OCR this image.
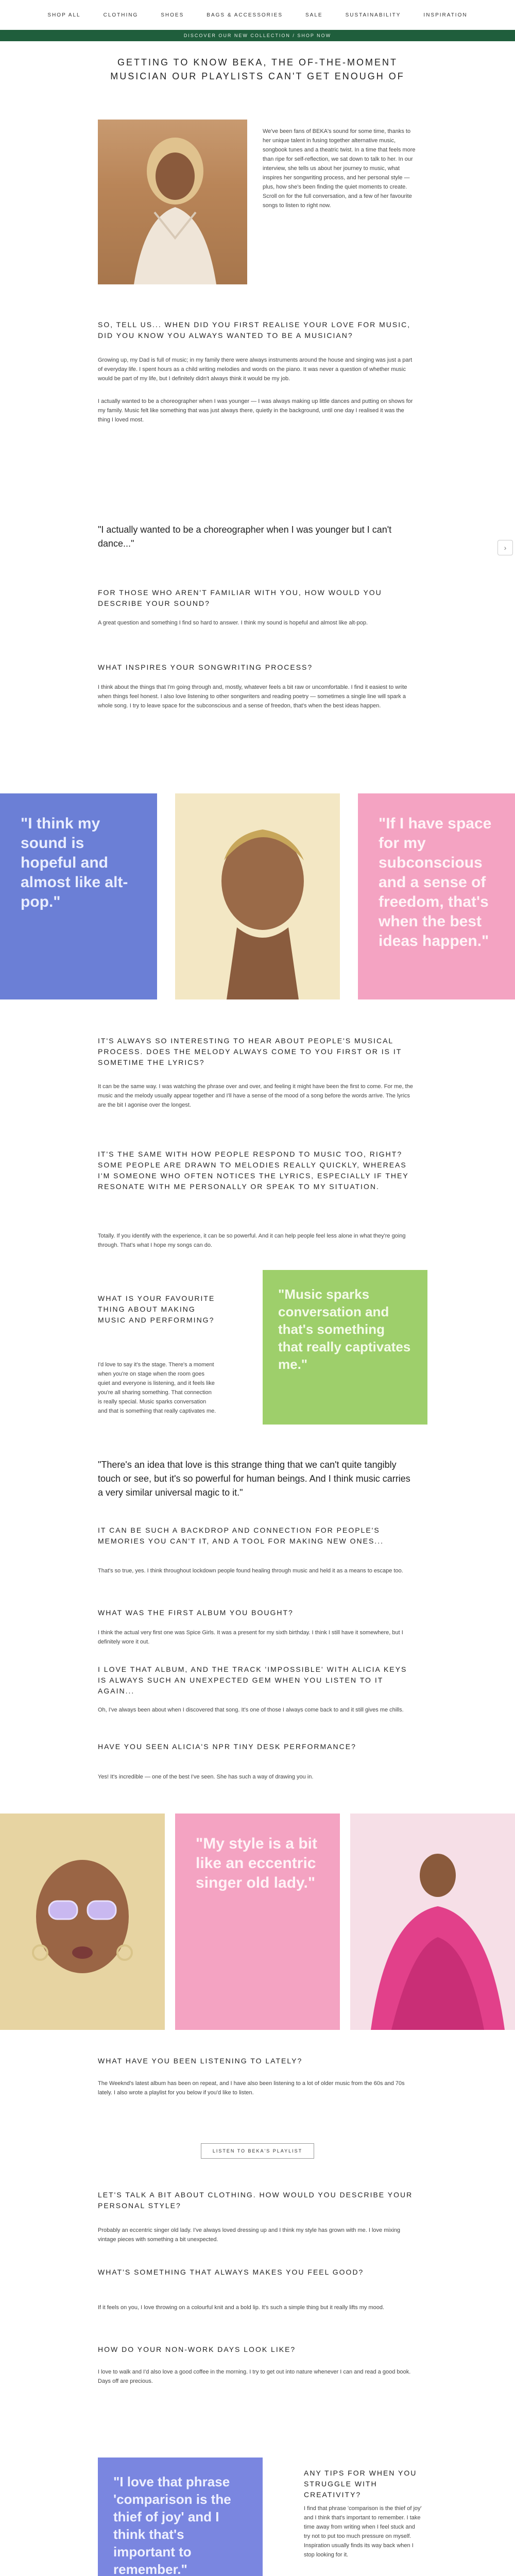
SHOP ALL	CLOTHING	SHOES	BAGS & ACCESSORIES	SALE	SUSTAINABILITY	INSPIRATION
DISCOVER OUR NEW COLLECTION / SHOP NOW
GETTING TO KNOW BEKA, THE OF-THE-MOMENT MUSICIAN OUR PLAYLISTS CAN'T GET ENOUGH OF
We've been fans of BEKA's sound for some time, thanks to her unique talent in fusing together alternative music, songbook tunes and a theatric twist. In a time that feels more than ripe for self-reflection, we sat down to talk to her. In our interview, she tells us about her journey to music, what inspires her songwriting process, and her personal style — plus, how she's been finding the quiet moments to create. Scroll on for the full conversation, and a few of her favourite songs to listen to right now.
SO, TELL US... WHEN DID YOU FIRST REALISE YOUR LOVE FOR MUSIC, DID YOU KNOW YOU ALWAYS WANTED TO BE A MUSICIAN?
Growing up, my Dad is full of music; in my family there were always instruments around the house and singing was just a part of everyday life. I spent hours as a child writing melodies and words on the piano. It was never a question of whether music would be part of my life, but I definitely didn't always think it would be my job.
I actually wanted to be a choreographer when I was younger — I was always making up little dances and putting on shows for my family. Music felt like something that was just always there, quietly in the background, until one day I realised it was the thing I loved most.
"I actually wanted to be a choreographer when I was younger but I can't dance..."	›
FOR THOSE WHO AREN'T FAMILIAR WITH YOU, HOW WOULD YOU DESCRIBE YOUR SOUND?
A great question and something I find so hard to answer. I think my sound is hopeful and almost like alt-pop.
WHAT INSPIRES YOUR SONGWRITING PROCESS?
I think about the things that I'm going through and, mostly, whatever feels a bit raw or uncomfortable. I find it easiest to write when things feel honest. I also love listening to other songwriters and reading poetry — sometimes a single line will spark a whole song. I try to leave space for the subconscious and a sense of freedon, that's when the best ideas happen.
"I think my sound is hopeful and almost like alt-pop."
"If I have space for my subconscious and a sense of freedom, that's when the best ideas happen."
IT'S ALWAYS SO INTERESTING TO HEAR ABOUT PEOPLE'S MUSICAL PROCESS. DOES THE MELODY ALWAYS COME TO YOU FIRST OR IS IT SOMETIME THE LYRICS?
It can be the same way. I was watching the phrase over and over, and feeling it might have been the first to come. For me, the music and the melody usually appear together and I'll have a sense of the mood of a song before the words arrive. The lyrics are the bit I agonise over the longest.
IT'S THE SAME WITH HOW PEOPLE RESPOND TO MUSIC TOO, RIGHT? SOME PEOPLE ARE DRAWN TO MELODIES REALLY QUICKLY, WHEREAS I'M SOMEONE WHO OFTEN NOTICES THE LYRICS, ESPECIALLY IF THEY RESONATE WITH ME PERSONALLY OR SPEAK TO MY SITUATION.
Totally. If you identify with the experience, it can be so powerful. And it can help people feel less alone in what they're going through. That's what I hope my songs can do.
WHAT IS YOUR FAVOURITE THING ABOUT MAKING MUSIC AND PERFORMING?
I'd love to say it's the stage. There's a moment when you're on stage when the room goes quiet and everyone is listening, and it feels like you're all sharing something. That connection is really special. Music sparks conversation and that is something that really captivates me.
"Music sparks conversation and that's something that really captivates me."
"There's an idea that love is this strange thing that we can't quite tangibly touch or see, but it's so powerful for human beings. And I think music carries a very similar universal magic to it."
IT CAN BE SUCH A BACKDROP AND CONNECTION FOR PEOPLE'S MEMORIES YOU CAN'T IT, AND A TOOL FOR MAKING NEW ONES...
That's so true, yes. I think throughout lockdown people found healing through music and held it as a means to escape too.
WHAT WAS THE FIRST ALBUM YOU BOUGHT?
I think the actual very first one was Spice Girls. It was a present for my sixth birthday. I think I still have it somewhere, but I definitely wore it out.
I LOVE THAT ALBUM, AND THE TRACK 'IMPOSSIBLE' WITH ALICIA KEYS IS ALWAYS SUCH AN UNEXPECTED GEM WHEN YOU LISTEN TO IT AGAIN...
Oh, I've always been about when I discovered that song. It's one of those I always come back to and it still gives me chills.
HAVE YOU SEEN ALICIA'S NPR TINY DESK PERFORMANCE?
Yes! It's incredible — one of the best I've seen. She has such a way of drawing you in.
"My style is a bit like an eccentric singer old lady."
WHAT HAVE YOU BEEN LISTENING TO LATELY?
The Weeknd's latest album has been on repeat, and I have also been listening to a lot of older music from the 60s and 70s lately. I also wrote a playlist for you below if you'd like to listen.
LISTEN TO BEKA'S PLAYLIST
LET'S TALK A BIT ABOUT CLOTHING. HOW WOULD YOU DESCRIBE YOUR PERSONAL STYLE?
Probably an eccentric singer old lady. I've always loved dressing up and I think my style has grown with me. I love mixing vintage pieces with something a bit unexpected.
WHAT'S SOMETHING THAT ALWAYS MAKES YOU FEEL GOOD?
If it feels on you, I love throwing on a colourful knit and a bold lip. It's such a simple thing but it really lifts my mood.
HOW DO YOUR NON-WORK DAYS LOOK LIKE?
I love to walk and I'd also love a good coffee in the morning. I try to get out into nature whenever I can and read a good book. Days off are precious.
"I love that phrase 'comparison is the thief of joy' and I think that's important to remember."
ANY TIPS FOR WHEN YOU STRUGGLE WITH CREATIVITY?
I find that phrase 'comparison is the thief of joy' and I think that's important to remember. I take time away from writing when I feel stuck and try not to put too much pressure on myself. Inspiration usually finds its way back when I stop looking for it.
